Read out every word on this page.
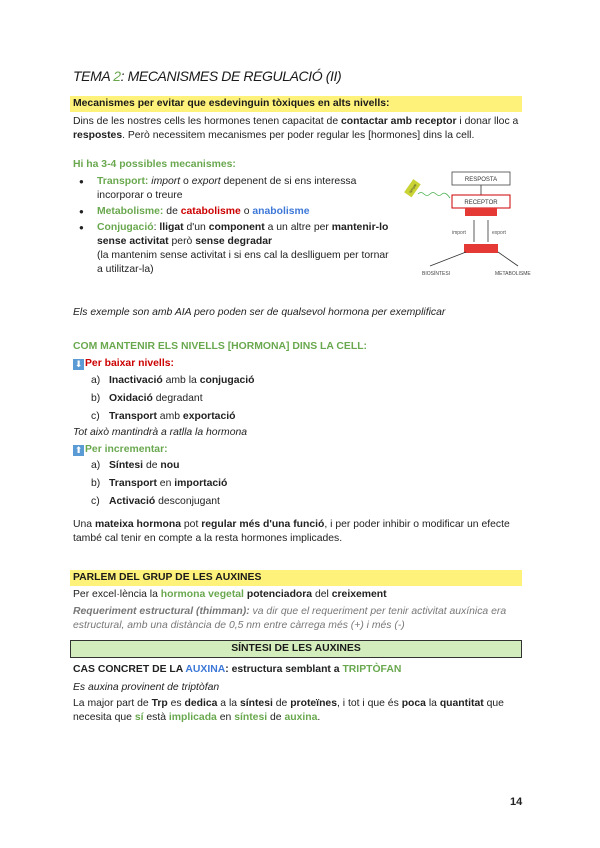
TEMA 2: MECANISMES DE REGULACIÓ (II)
Mecanismes per evitar que esdevinguin tòxiques en alts nivells:
Dins de les nostres cells les hormones tenen capacitat de contactar amb receptor i donar lloc a respostes. Però necessitem mecanismes per poder regular les [hormones] dins la cell.
Hi ha 3-4 possibles mecanismes:
● Transport: import o export depenent de si ens interessa incorporar o treure
● Metabolisme: de catabolisme o anabolisme
● Conjugació: lligat d'un component a un altre per mantenir-lo sense activitat però sense degradar
(la mantenim sense activitat i si ens cal la deslliguem per tornar a utilitzar-la)
RESPOSTA
RECEPTOR
senyal
import	export
BIOSÍNTESI	METABOLISME
Els exemple son amb AIA pero poden ser de qualsevol hormona per exemplificar
COM MANTENIR ELS NIVELLS [HORMONA] DINS LA CELL:
⬇ Per baixar nivells:
a) Inactivació amb la conjugació
b) Oxidació degradant
c) Transport amb exportació
Tot això mantindrà a ratlla la hormona
⬆ Per incrementar:
a) Síntesi de nou
b) Transport en importació
c) Activació desconjugant
Una mateixa hormona pot regular més d'una funció, i per poder inhibir o modificar un efecte també cal tenir en compte a la resta hormones implicades.
PARLEM DEL GRUP DE LES AUXINES
Per excel·lència la hormona vegetal potenciadora del creixement
Requeriment estructural (thimman): va dir que el requeriment per tenir activitat auxínica era estructural, amb una distància de 0,5 nm entre càrrega més (+) i més (-)
SÍNTESI DE LES AUXINES
CAS CONCRET DE LA AUXINA: estructura semblant a TRIPTÒFAN
Es auxina provinent de triptòfan
La major part de Trp es dedica a la síntesi de proteïnes, i tot i que és poca la quantitat que necesita que sí està implicada en síntesi de auxina.
14
